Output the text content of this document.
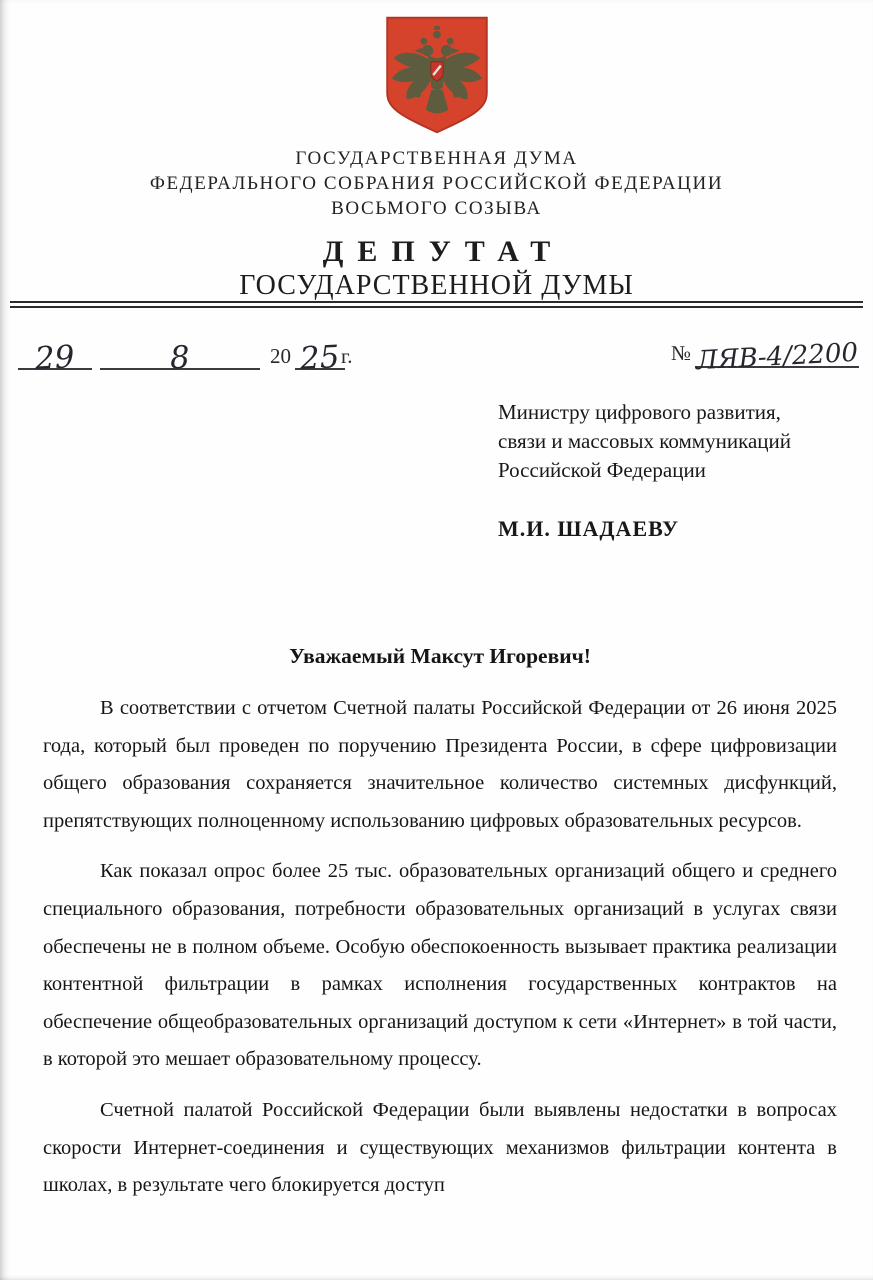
ГОСУДАРСТВЕННАЯ ДУМА
ФЕДЕРАЛЬНОГО СОБРАНИЯ РОССИЙСКОЙ ФЕДЕРАЦИИ
ВОСЬМОГО СОЗЫВА
ДЕПУТАТ
ГОСУДАРСТВЕННОЙ ДУМЫ
29	8	20 25 г.	№ ЛЯВ-4/2200
Министру цифрового развития,
связи и массовых коммуникаций
Российской Федерации
М.И. ШАДАЕВУ
Уважаемый Максут Игоревич!

В соответствии с отчетом Счетной палаты Российской Федерации от 26 июня 2025 года, который был проведен по поручению Президента России, в сфере цифровизации общего образования сохраняется значительное количество системных дисфункций, препятствующих полноценному использованию цифровых образовательных ресурсов.

Как показал опрос более 25 тыс. образовательных организаций общего и среднего специального образования, потребности образовательных организаций в услугах связи обеспечены не в полном объеме. Особую обеспокоенность вызывает практика реализации контентной фильтрации в рамках исполнения государственных контрактов на обеспечение общеобразовательных организаций доступом к сети «Интернет» в той части, в которой это мешает образовательному процессу.

Счетной палатой Российской Федерации были выявлены недостатки в вопросах скорости Интернет-соединения и существующих механизмов фильтрации контента в школах, в результате чего блокируется доступ
